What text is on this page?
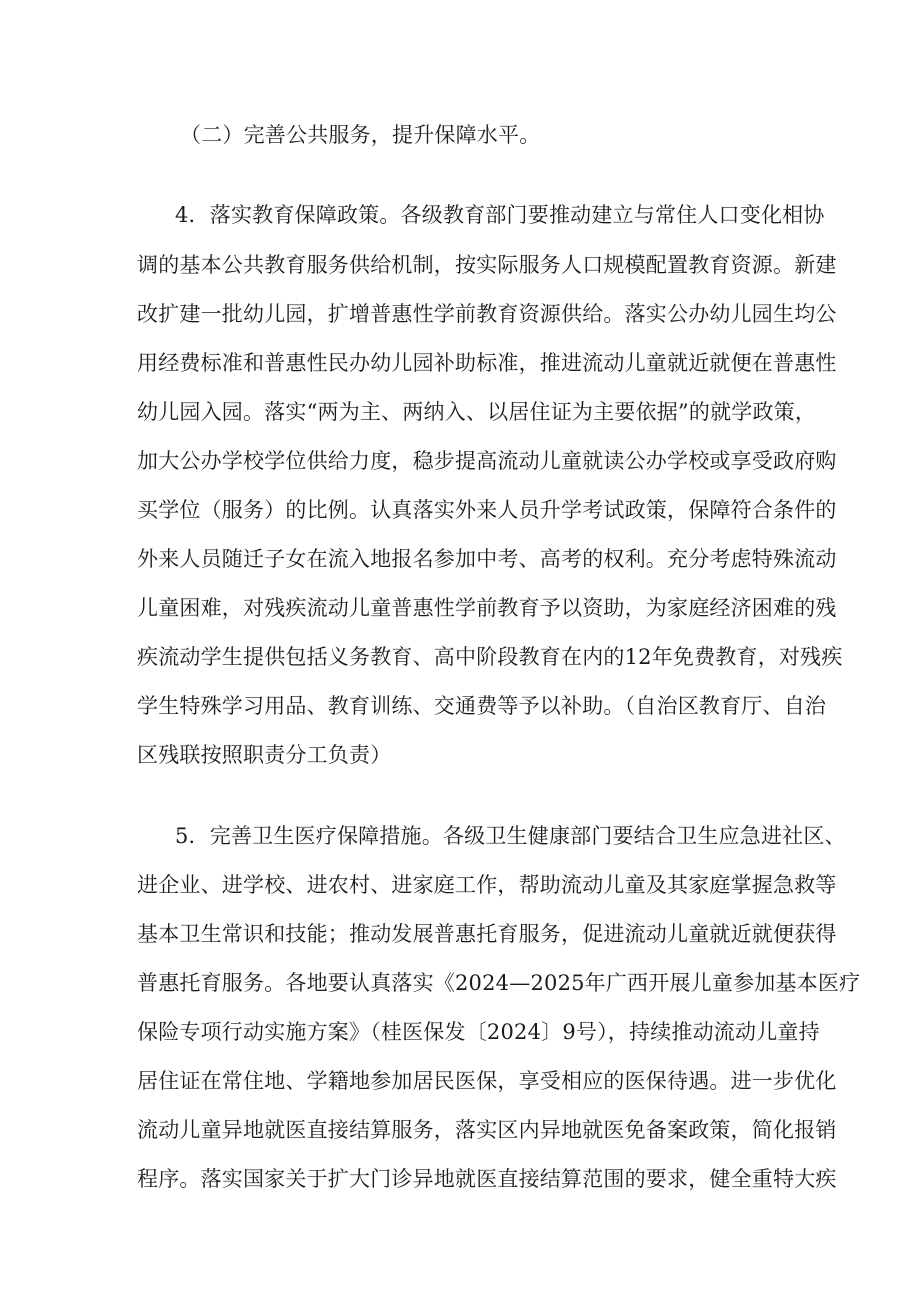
（二）完善公共服务，提升保障水平。
4．落实教育保障政策。各级教育部门要推动建立与常住人口变化相协
调的基本公共教育服务供给机制，按实际服务人口规模配置教育资源。新建
改扩建一批幼儿园，扩增普惠性学前教育资源供给。落实公办幼儿园生均公
用经费标准和普惠性民办幼儿园补助标准，推进流动儿童就近就便在普惠性
幼儿园入园。落实“两为主、两纳入、以居住证为主要依据”的就学政策，
加大公办学校学位供给力度，稳步提高流动儿童就读公办学校或享受政府购
买学位（服务）的比例。认真落实外来人员升学考试政策，保障符合条件的
外来人员随迁子女在流入地报名参加中考、高考的权利。充分考虑特殊流动
儿童困难，对残疾流动儿童普惠性学前教育予以资助，为家庭经济困难的残
疾流动学生提供包括义务教育、高中阶段教育在内的12年免费教育，对残疾
学生特殊学习用品、教育训练、交通费等予以补助。（自治区教育厅、自治
区残联按照职责分工负责）
5．完善卫生医疗保障措施。各级卫生健康部门要结合卫生应急进社区、
进企业、进学校、进农村、进家庭工作，帮助流动儿童及其家庭掌握急救等
基本卫生常识和技能；推动发展普惠托育服务，促进流动儿童就近就便获得
普惠托育服务。各地要认真落实《2024—2025年广西开展儿童参加基本医疗
保险专项行动实施方案》（桂医保发〔2024〕9号），持续推动流动儿童持
居住证在常住地、学籍地参加居民医保，享受相应的医保待遇。进一步优化
流动儿童异地就医直接结算服务，落实区内异地就医免备案政策，简化报销
程序。落实国家关于扩大门诊异地就医直接结算范围的要求，健全重特大疾
